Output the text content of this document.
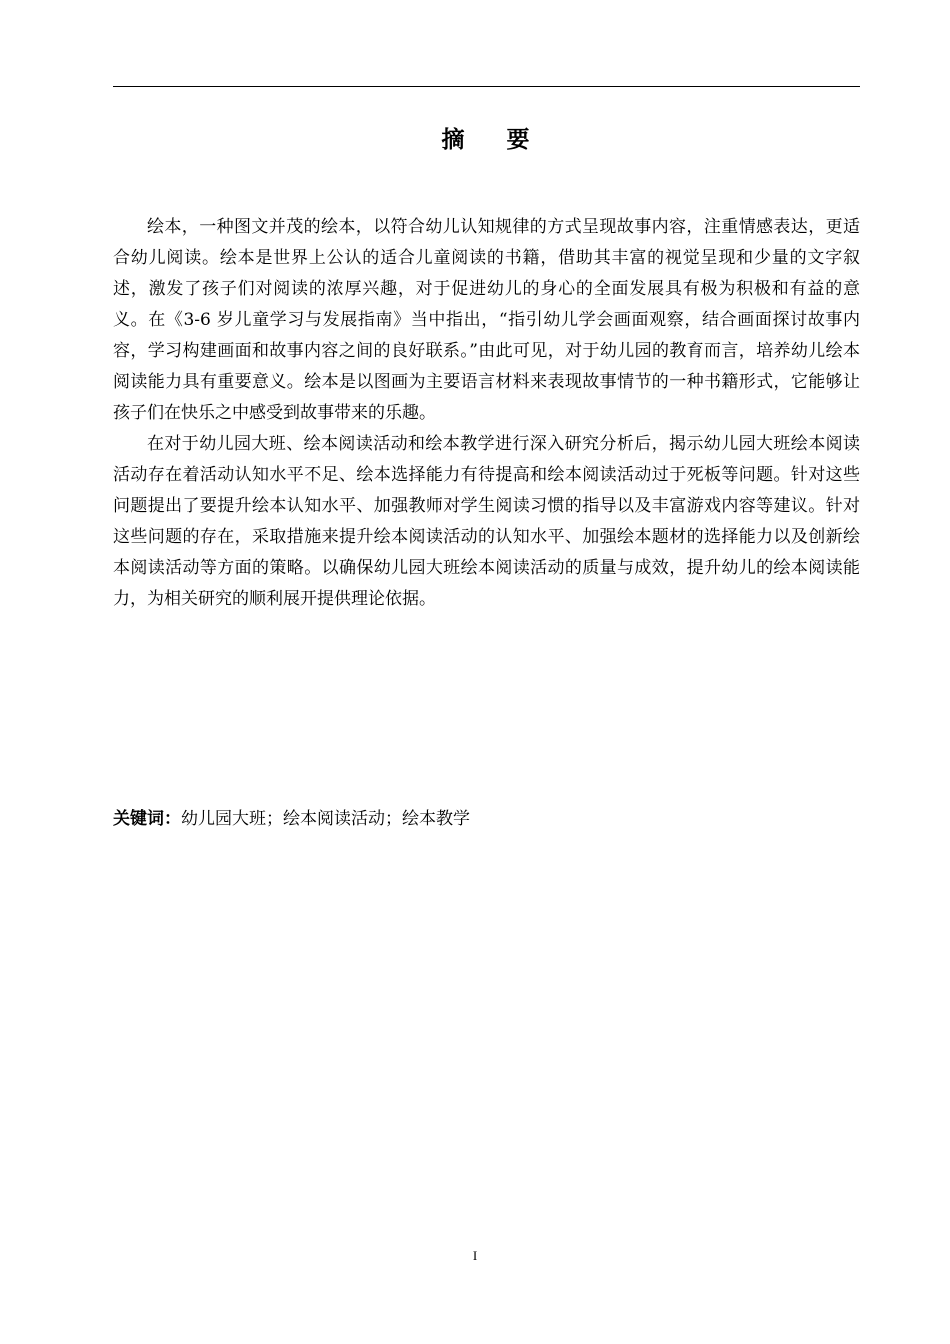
摘    要

绘本，一种图文并茂的绘本，以符合幼儿认知规律的方式呈现故事内容，注重情感表达，更适合幼儿阅读。绘本是世界上公认的适合儿童阅读的书籍，借助其丰富的视觉呈现和少量的文字叙述，激发了孩子们对阅读的浓厚兴趣，对于促进幼儿的身心的全面发展具有极为积极和有益的意义。在《3-6 岁儿童学习与发展指南》当中指出，“指引幼儿学会画面观察，结合画面探讨故事内容，学习构建画面和故事内容之间的良好联系。”由此可见，对于幼儿园的教育而言，培养幼儿绘本阅读能力具有重要意义。绘本是以图画为主要语言材料来表现故事情节的一种书籍形式，它能够让孩子们在快乐之中感受到故事带来的乐趣。

在对于幼儿园大班、绘本阅读活动和绘本教学进行深入研究分析后，揭示幼儿园大班绘本阅读活动存在着活动认知水平不足、绘本选择能力有待提高和绘本阅读活动过于死板等问题。针对这些问题提出了要提升绘本认知水平、加强教师对学生阅读习惯的指导以及丰富游戏内容等建议。针对这些问题的存在，采取措施来提升绘本阅读活动的认知水平、加强绘本题材的选择能力以及创新绘本阅读活动等方面的策略。以确保幼儿园大班绘本阅读活动的质量与成效，提升幼儿的绘本阅读能力，为相关研究的顺利展开提供理论依据。

关键词：幼儿园大班；绘本阅读活动；绘本教学
I
